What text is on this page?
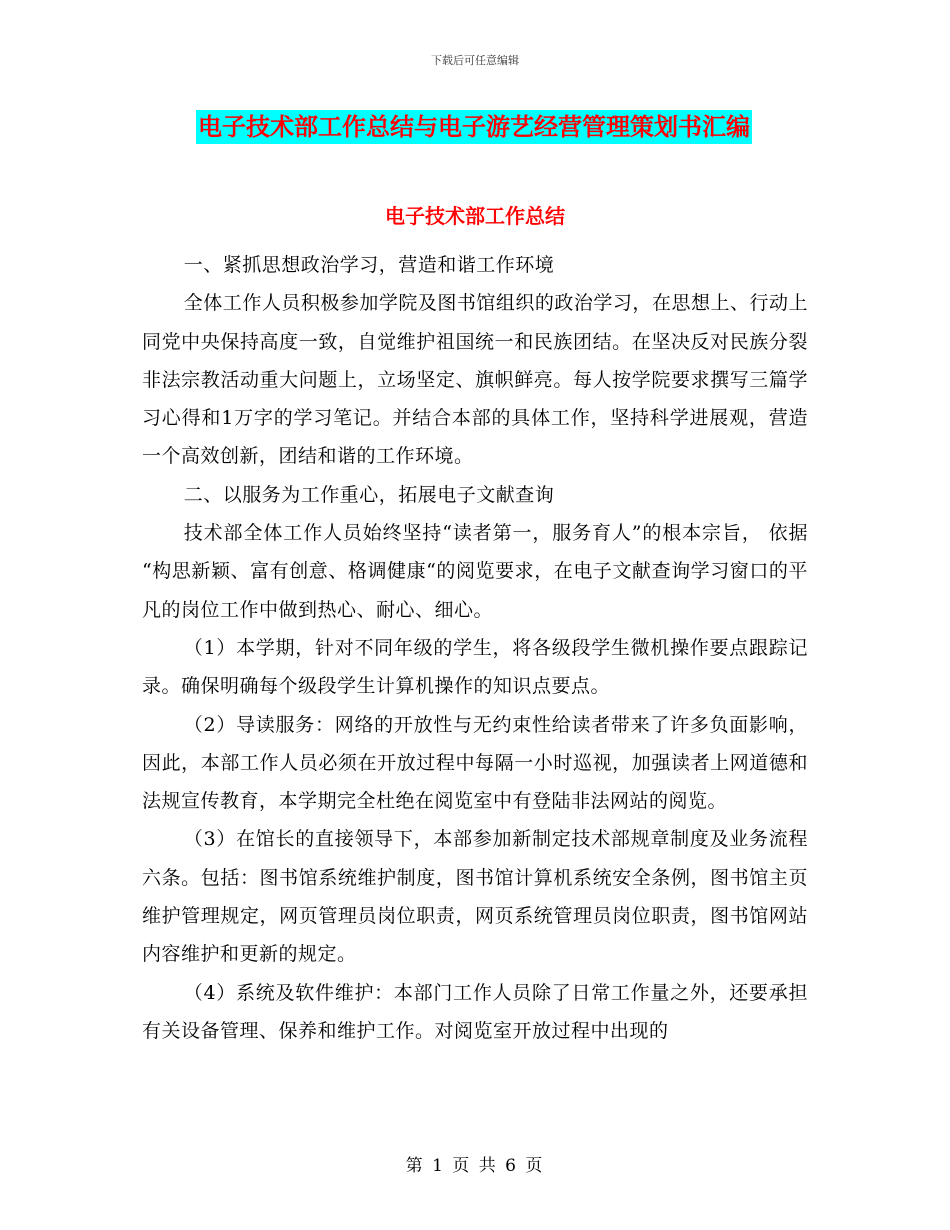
下载后可任意编辑
电子技术部工作总结与电子游艺经营管理策划书汇编
电子技术部工作总结

一、紧抓思想政治学习，营造和谐工作环境

全体工作人员积极参加学院及图书馆组织的政治学习，在思想上、行动上同党中央保持高度一致，自觉维护祖国统一和民族团结。在坚决反对民族分裂非法宗教活动重大问题上，立场坚定、旗帜鲜亮。每人按学院要求撰写三篇学习心得和1万字的学习笔记。并结合本部的具体工作，坚持科学进展观，营造一个高效创新，团结和谐的工作环境。

二、以服务为工作重心，拓展电子文献查询

技术部全体工作人员始终坚持“读者第一，服务育人”的根本宗旨， 依据 “构思新颖、富有创意、格调健康“的阅览要求，在电子文献查询学习窗口的平凡的岗位工作中做到热心、耐心、细心。

（1）本学期，针对不同年级的学生，将各级段学生微机操作要点跟踪记录。确保明确每个级段学生计算机操作的知识点要点。

（2）导读服务：网络的开放性与无约束性给读者带来了许多负面影响，因此，本部工作人员必须在开放过程中每隔一小时巡视，加强读者上网道德和法规宣传教育，本学期完全杜绝在阅览室中有登陆非法网站的阅览。

（3）在馆长的直接领导下，本部参加新制定技术部规章制度及业务流程六条。包括：图书馆系统维护制度，图书馆计算机系统安全条例，图书馆主页维护管理规定，网页管理员岗位职责，网页系统管理员岗位职责，图书馆网站内容维护和更新的规定。

（4）系统及软件维护：本部门工作人员除了日常工作量之外，还要承担有关设备管理、保养和维护工作。对阅览室开放过程中出现的

第 1 页 共 6 页
